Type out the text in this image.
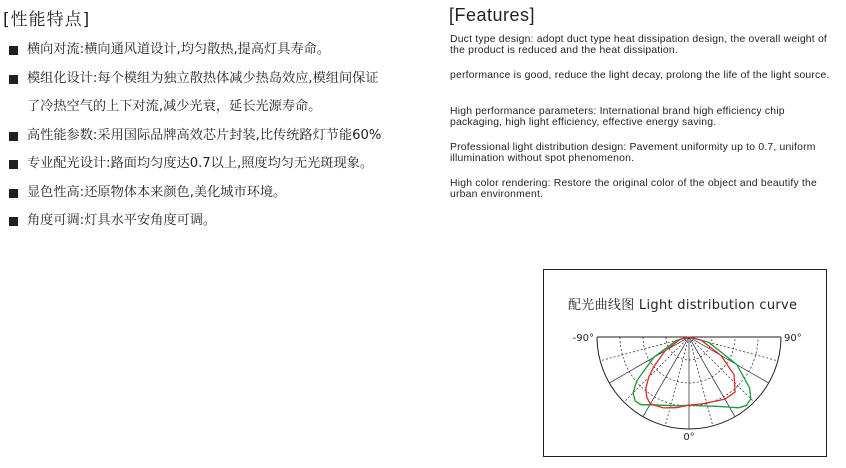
[性能特点]
横向对流:横向通风道设计,均匀散热,提高灯具寿命。
模组化设计:每个模组为独立散热体减少热岛效应,模组间保证
了冷热空气的上下对流,减少光衰，延长光源寿命。
高性能参数:采用国际品牌高效芯片封装,比传统路灯节能60%
专业配光设计:路面均匀度达0.7以上,照度均匀无光斑现象。
显色性高:还原物体本来颜色,美化城市环境。
角度可调:灯具水平安角度可调。
[Features]
Duct type design: adopt duct type heat dissipation design, the overall weight of the product is reduced and the heat dissipation.
performance is good, reduce the light decay, prolong the life of the light source.
High performance parameters: International brand high efficiency chip packaging, high light efficiency, effective energy saving.
Professional light distribution design: Pavement uniformity up to 0.7, uniform illumination without spot phenomenon.
High color rendering: Restore the original color of the object and beautify the urban environment.
配光曲线图 Light distribution curve
-90°	90°
0°
